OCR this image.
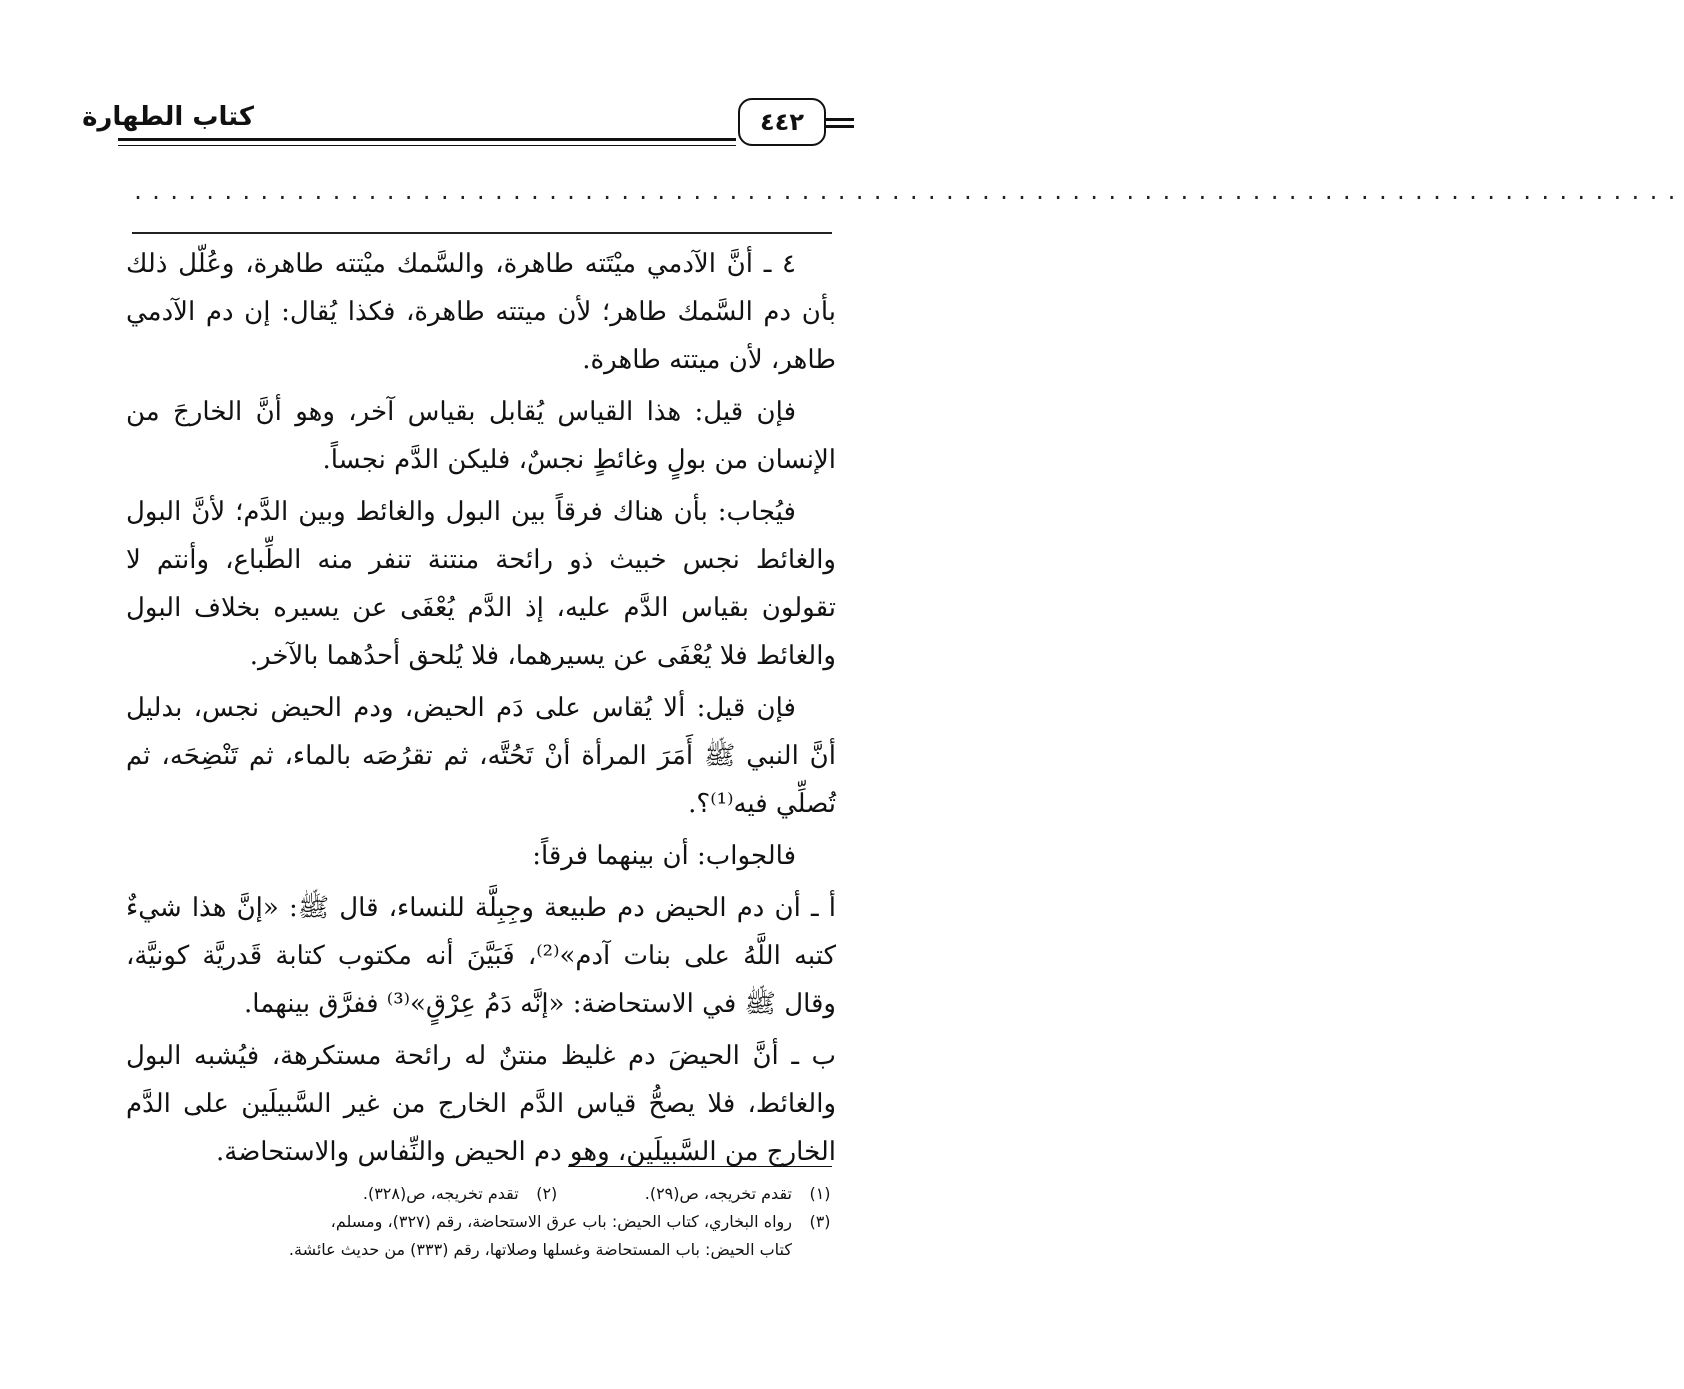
كتاب الطهارة	٤٤٢
......................................................................................

٤ ـ أنَّ الآدمي ميْتَته طاهرة، والسَّمك ميْتته طاهرة، وعُلّل ذلك بأن دم السَّمك طاهر؛ لأن ميتته طاهرة، فكذا يُقال: إن دم الآدمي طاهر، لأن ميتته طاهرة.

فإن قيل: هذا القياس يُقابل بقياس آخر، وهو أنَّ الخارجَ من الإنسان من بولٍ وغائطٍ نجسٌ، فليكن الدَّم نجساً.

فيُجاب: بأن هناك فرقاً بين البول والغائط وبين الدَّم؛ لأنَّ البول والغائط نجس خبيث ذو رائحة منتنة تنفر منه الطِّباع، وأنتم لا تقولون بقياس الدَّم عليه، إذ الدَّم يُعْفَى عن يسيره بخلاف البول والغائط فلا يُعْفَى عن يسيرهما، فلا يُلحق أحدُهما بالآخر.

فإن قيل: ألا يُقاس على دَم الحيض، ودم الحيض نجس، بدليل أنَّ النبي ﷺ أَمَرَ المرأة أنْ تَحُتَّه، ثم تقرُصَه بالماء، ثم تَنْضِحَه، ثم تُصلِّي فيه⁽¹⁾؟.

فالجواب: أن بينهما فرقاً:

أ ـ أن دم الحيض دم طبيعة وجِبِلَّة للنساء، قال ﷺ: «إنَّ هذا شيءٌ كتبه اللَّهُ على بنات آدم»⁽²⁾، فَبَيَّنَ أنه مكتوب كتابة قَدريَّة كونيَّة، وقال ﷺ في الاستحاضة: «إنَّه دَمُ عِرْقٍ»⁽³⁾ ففرَّق بينهما.

ب ـ أنَّ الحيضَ دم غليظ منتنٌ له رائحة مستكرهة، فيُشبه البول والغائط، فلا يصحُّ قياس الدَّم الخارج من غير السَّبيلَين على الدَّم الخارج من السَّبيلَين، وهو دم الحيض والنِّفاس والاستحاضة.

(١)
تقدم تخريجه، ص(٢٩).
(٢)
تقدم تخريجه، ص(٣٢٨).
(٣)
رواه البخاري، كتاب الحيض: باب عرق الاستحاضة، رقم (٣٢٧)، ومسلم،
كتاب الحيض: باب المستحاضة وغسلها وصلاتها، رقم (٣٣٣) من حديث عائشة.
